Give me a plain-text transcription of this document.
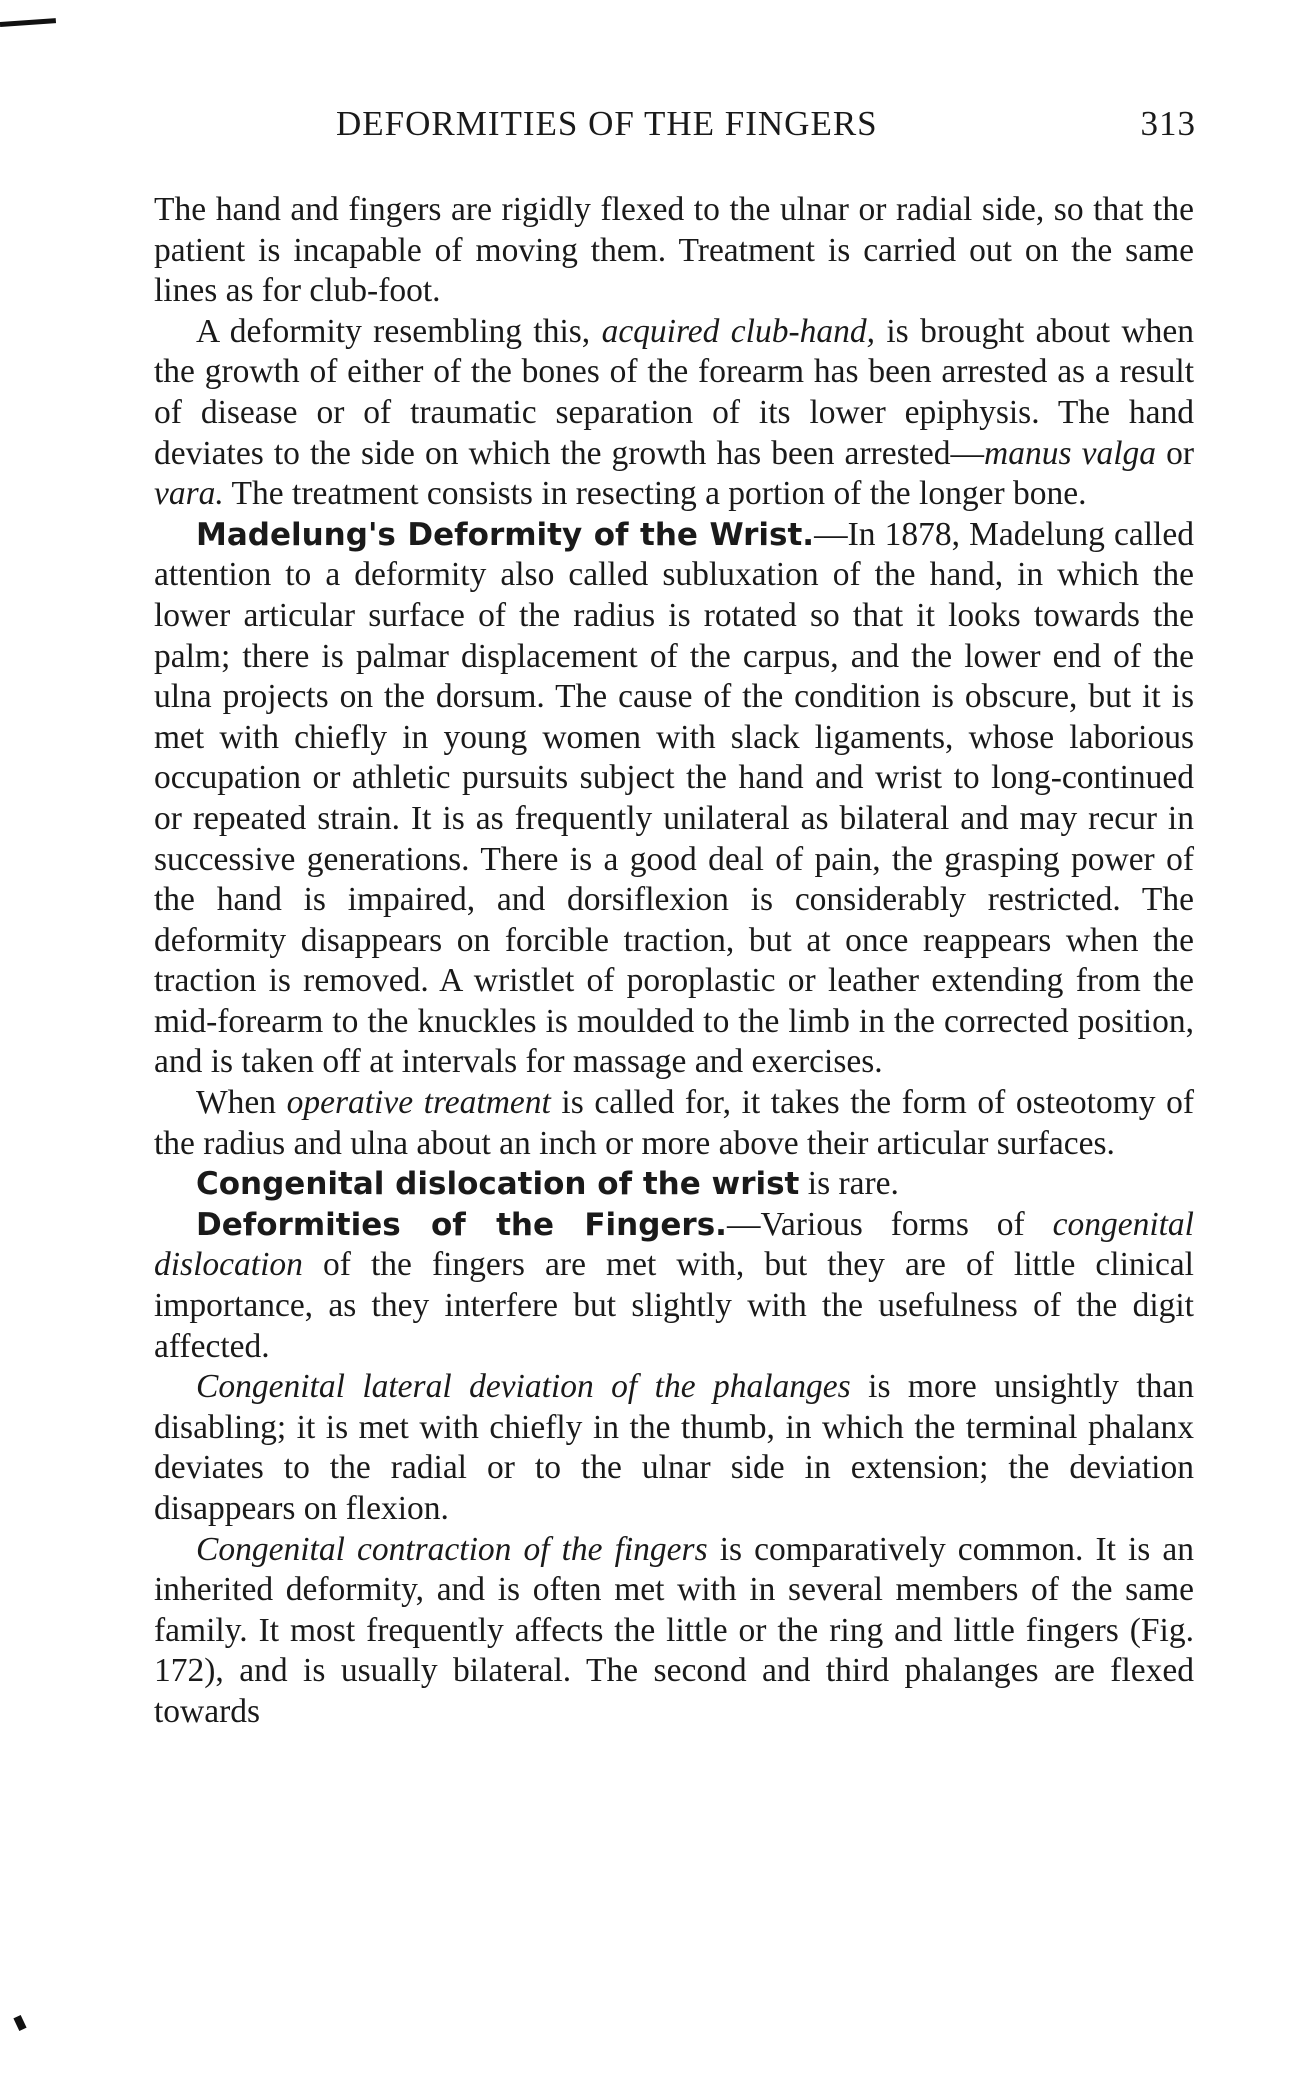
DEFORMITIES OF THE FINGERS	313

The hand and fingers are rigidly flexed to the ulnar or radial side, so that the patient is incapable of moving them. Treatment is carried out on the same lines as for club-foot.

A deformity resembling this, acquired club-hand, is brought about when the growth of either of the bones of the forearm has been arrested as a result of disease or of traumatic separation of its lower epiphysis. The hand deviates to the side on which the growth has been arrested—manus valga or vara. The treatment consists in resecting a portion of the longer bone.

Madelung's Deformity of the Wrist.—In 1878, Madelung called attention to a deformity also called subluxation of the hand, in which the lower articular surface of the radius is rotated so that it looks towards the palm; there is palmar displacement of the carpus, and the lower end of the ulna projects on the dorsum. The cause of the condition is obscure, but it is met with chiefly in young women with slack ligaments, whose laborious occupation or athletic pursuits subject the hand and wrist to long-continued or repeated strain. It is as frequently unilateral as bilateral and may recur in successive generations. There is a good deal of pain, the grasping power of the hand is impaired, and dorsiflexion is considerably restricted. The deformity disappears on forcible traction, but at once reappears when the traction is removed. A wristlet of poroplastic or leather extending from the mid-forearm to the knuckles is moulded to the limb in the corrected position, and is taken off at intervals for massage and exercises.

When operative treatment is called for, it takes the form of osteotomy of the radius and ulna about an inch or more above their articular surfaces.

Congenital dislocation of the wrist is rare.

Deformities of the Fingers.—Various forms of congenital dislocation of the fingers are met with, but they are of little clinical importance, as they interfere but slightly with the usefulness of the digit affected.

Congenital lateral deviation of the phalanges is more unsightly than disabling; it is met with chiefly in the thumb, in which the terminal phalanx deviates to the radial or to the ulnar side in extension; the deviation disappears on flexion.

Congenital contraction of the fingers is comparatively common. It is an inherited deformity, and is often met with in several members of the same family. It most frequently affects the little or the ring and little fingers (Fig. 172), and is usually bilateral. The second and third phalanges are flexed towards
